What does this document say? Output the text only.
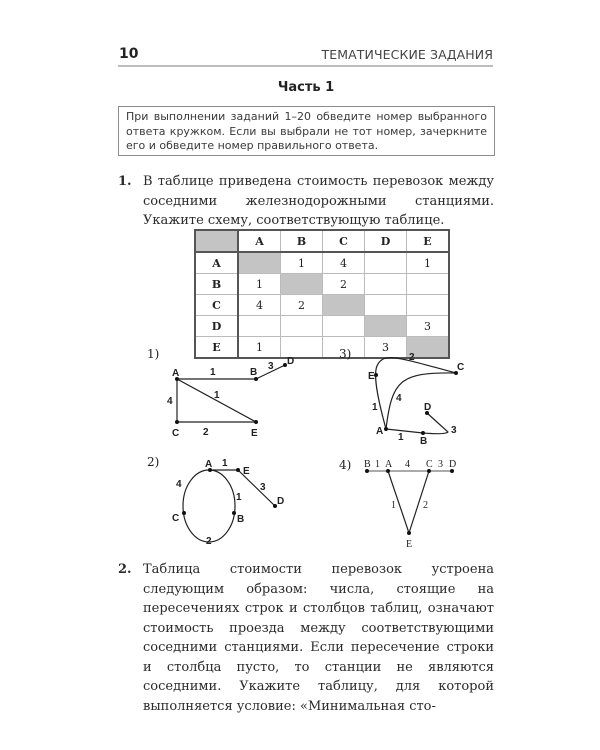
10	ТЕМАТИЧЕСКИЕ ЗАДАНИЯ
Часть 1
При выполнении заданий 1–20 обведите номер выбранного ответа кружком. Если вы выбрали не тот номер, зачеркните его и обведите номер правильного ответа.
1. В таблице приведена стоимость перевозок между соседними железнодорожными станциями. Укажите схему, соответствующую таблице.
	A	B	C	D	E
A		1	4		1
B	1		2		
C	4	2			
D					3
E	1			3	
1)	3)
2)	4)
A	B
D
C	E
1
3
4
1
2
E
C
A
B
D
2
4
1
1
3
A
E
D
C	B
1
3
4
1
2
B A	C D
E
1	4	3
1	2
2. Таблица стоимости перевозок устроена следующим образом: числа, стоящие на пересечениях строк и столбцов таблиц, означают стоимость проезда между соответствующими соседними станциями. Если пересечение строки и столбца пусто, то станции не являются соседними. Укажите таблицу, для которой выполняется условие: «Минимальная сто-
